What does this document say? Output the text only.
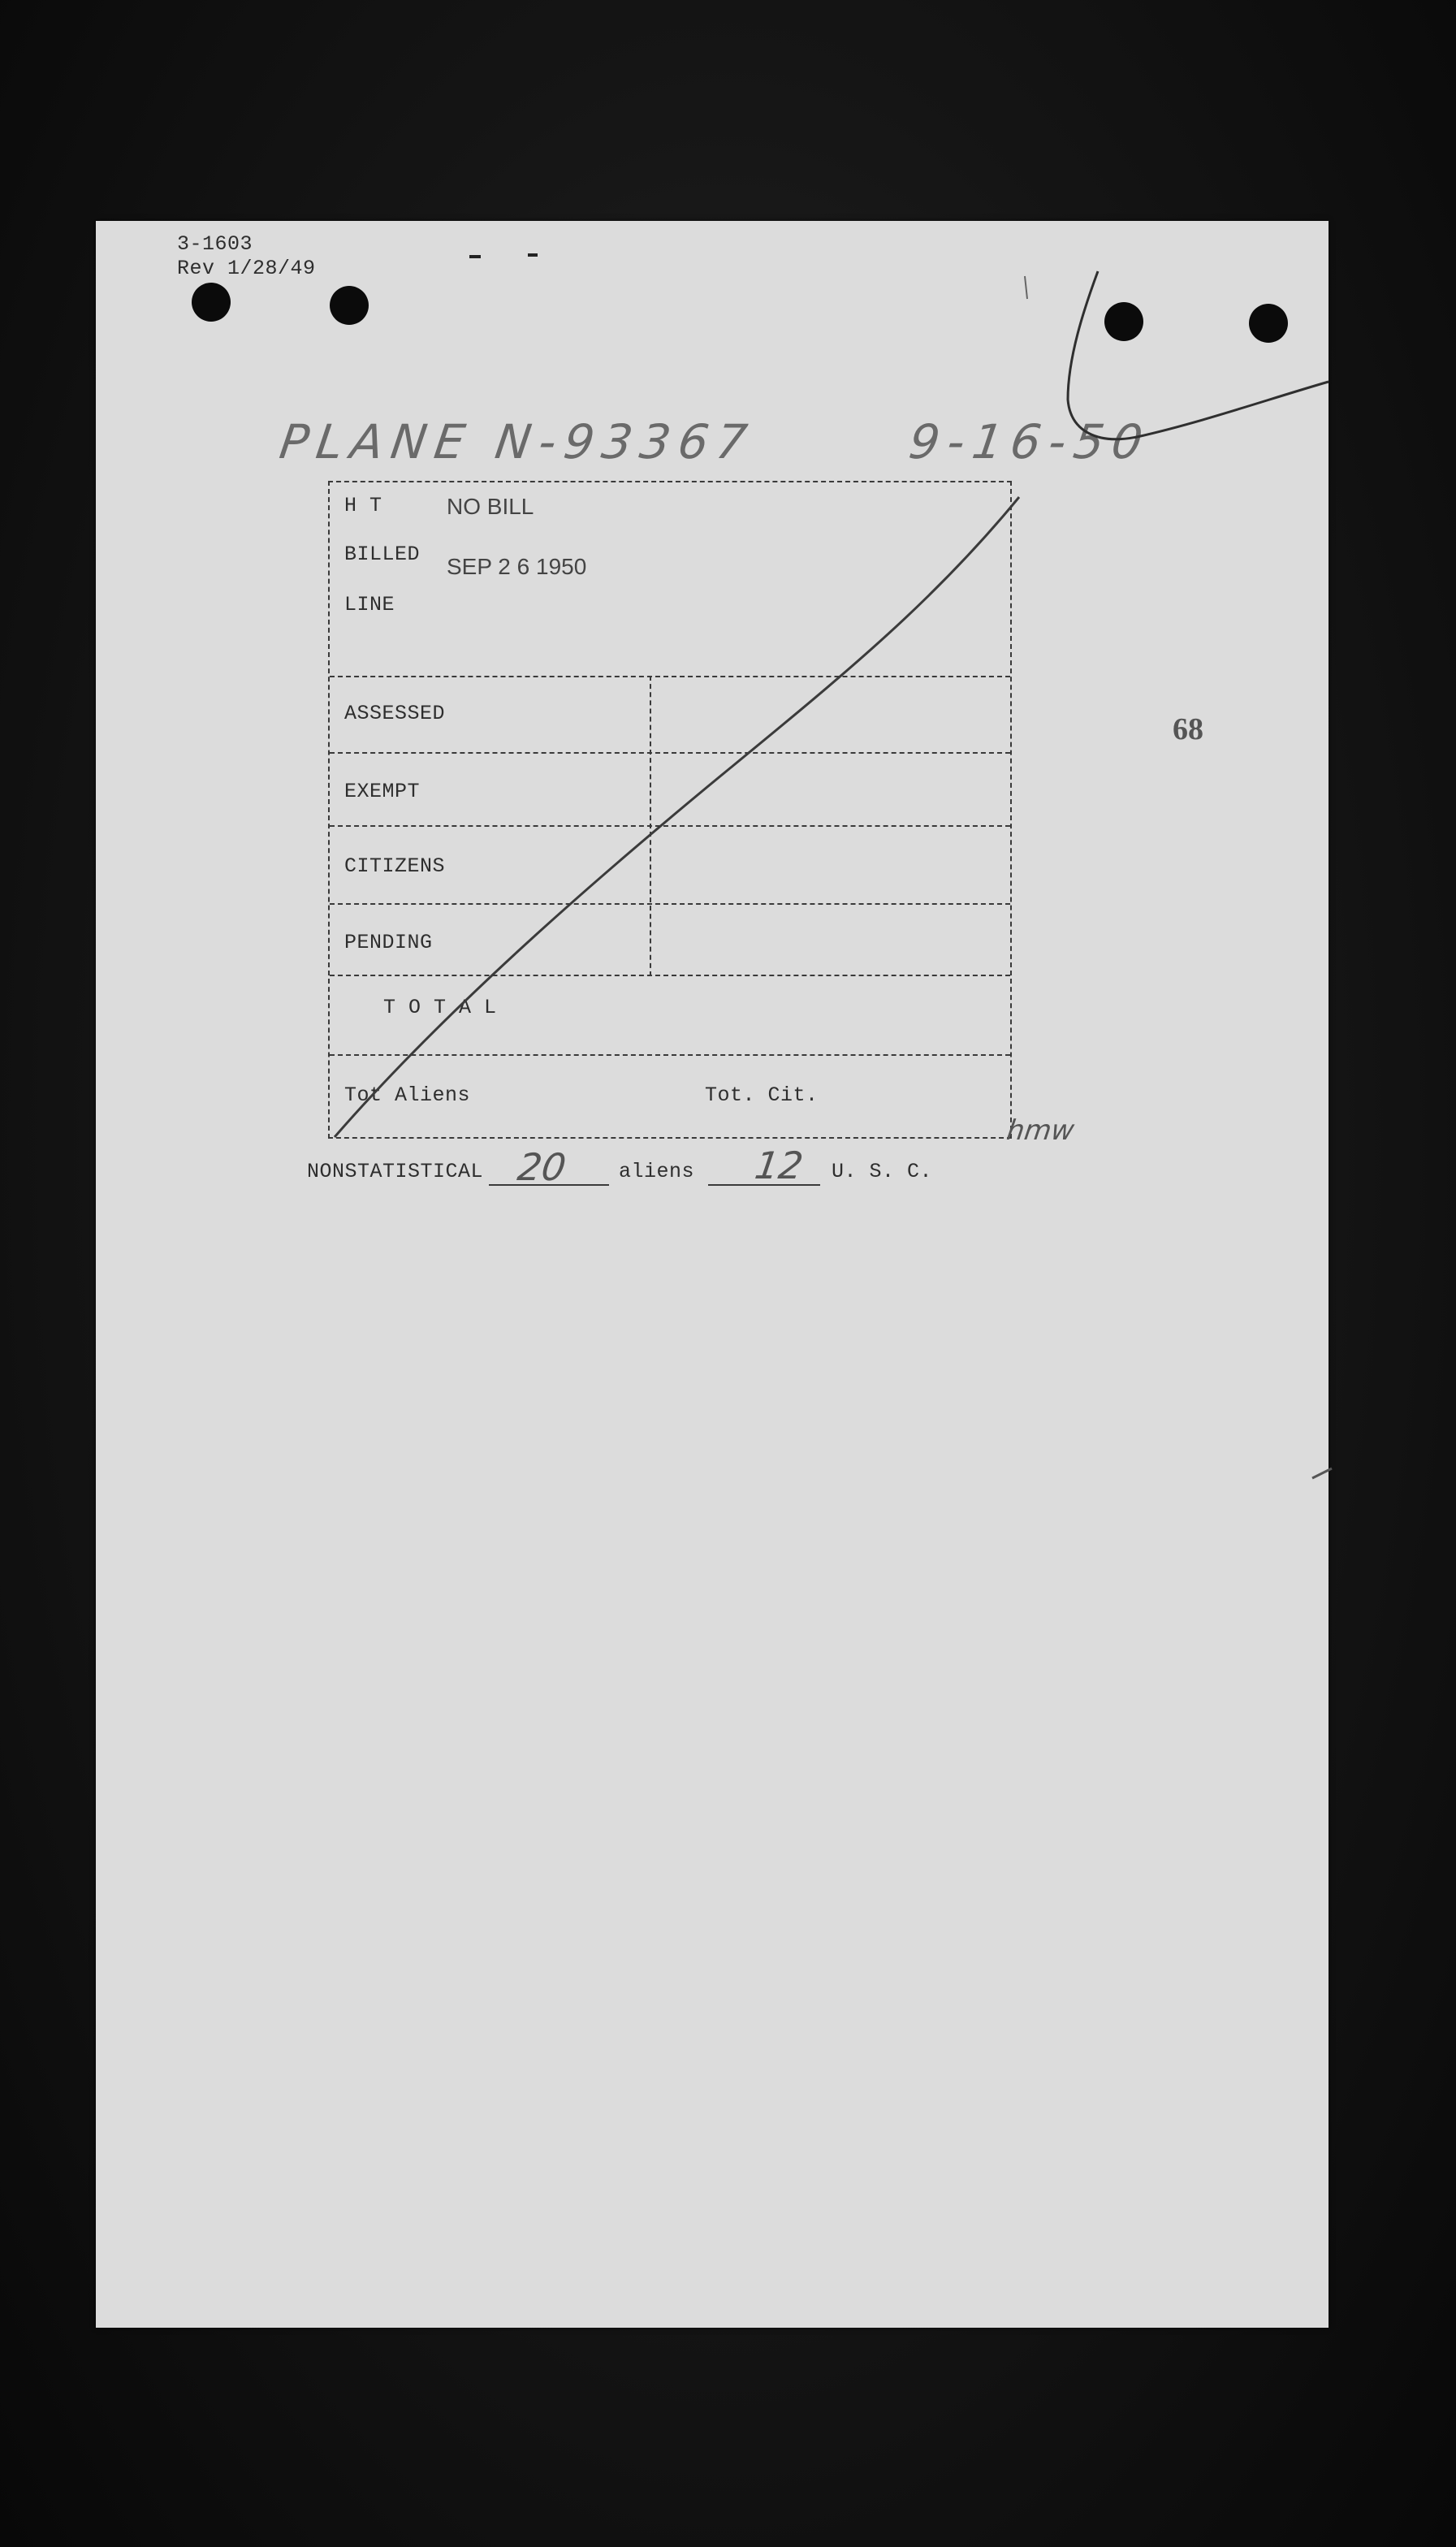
3-1603
Rev 1/28/49
PLANE N-93367	9-16-50
68
H T	NO BILL
BILLED SEP 2 6 1950
LINE
ASSESSED
EXEMPT
CITIZENS
PENDING
T O T A L
Tot Aliens	Tot. Cit.
hmw
NONSTATISTICAL 20 aliens 12 U. S. C.
